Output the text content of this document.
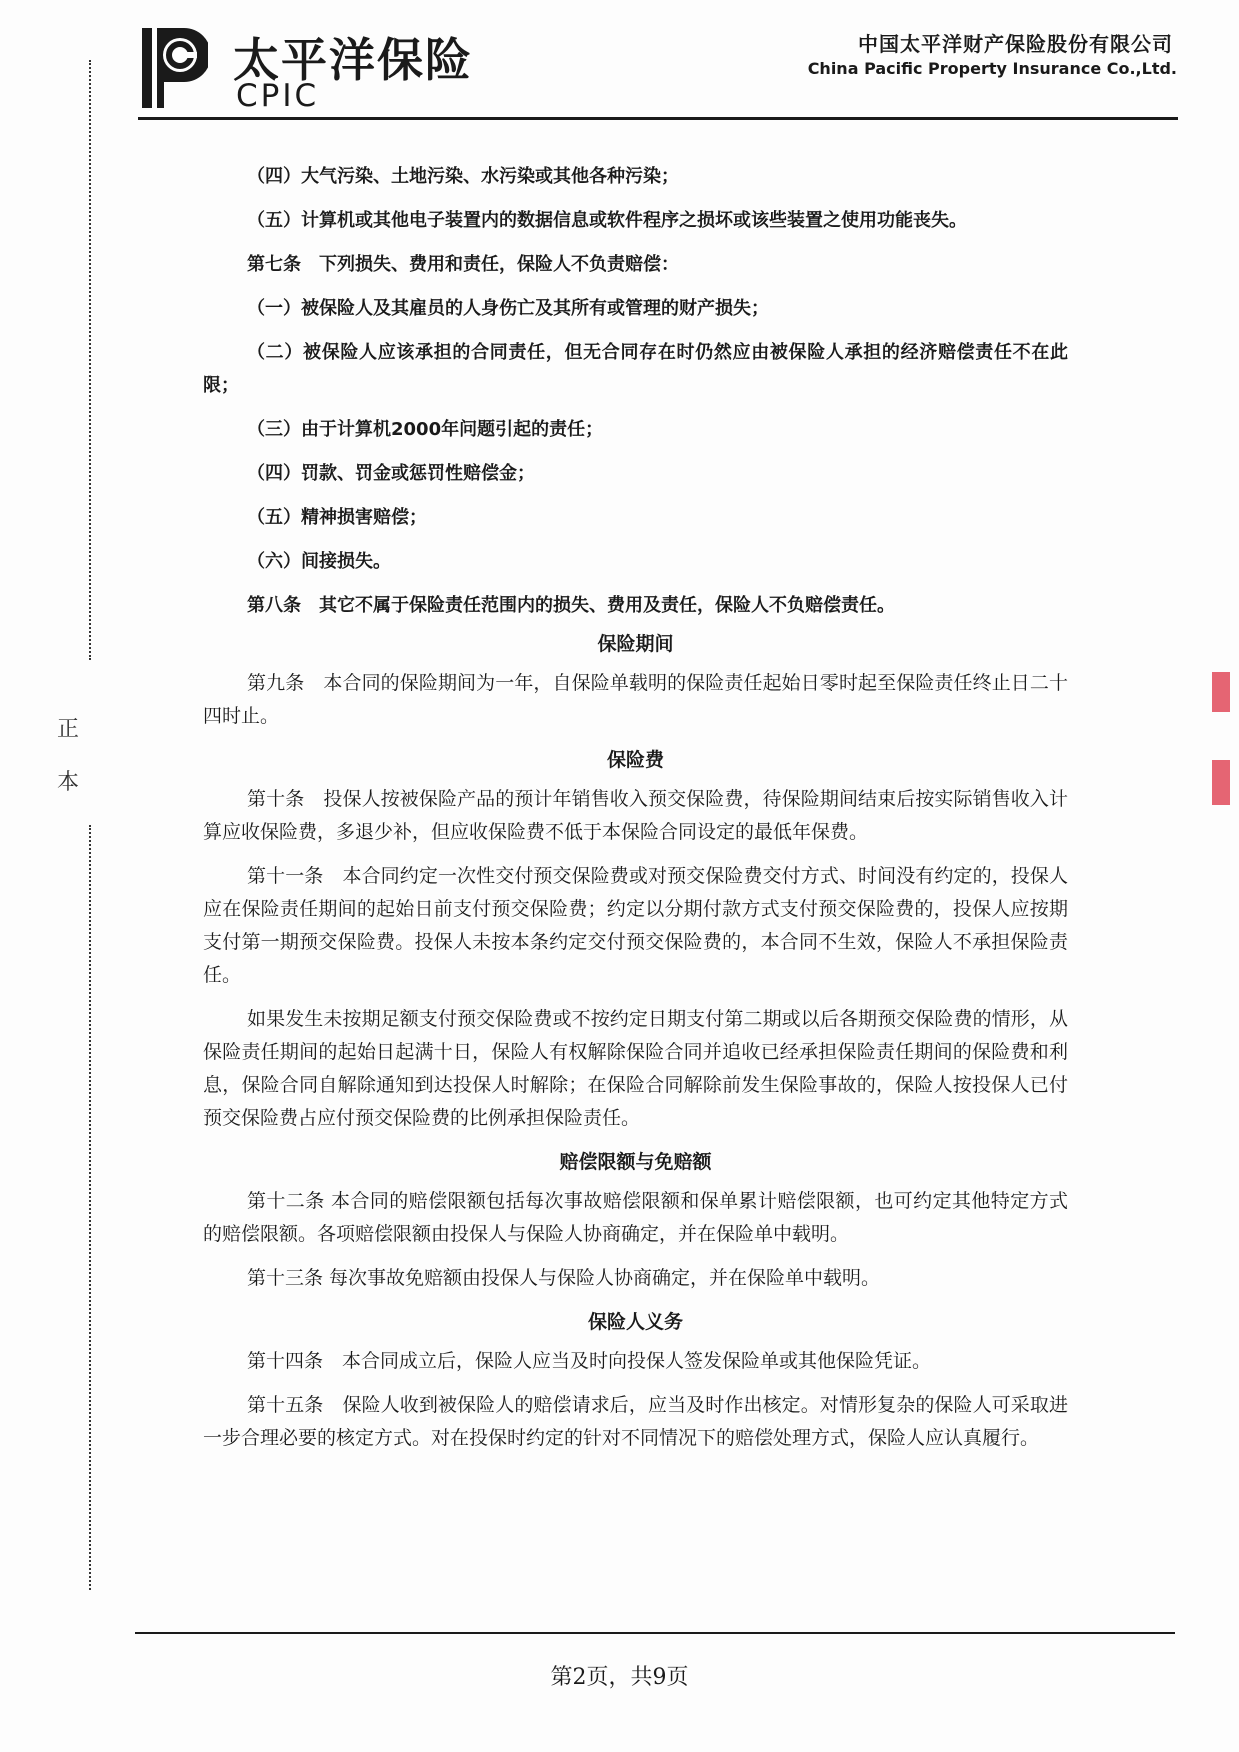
太平洋保险
CPIC
中国太平洋财产保险股份有限公司
China Pacific Property Insurance Co.,Ltd.
正
本

（四）大气污染、土地污染、水污染或其他各种污染；

（五）计算机或其他电子装置内的数据信息或软件程序之损坏或该些装置之使用功能丧失。

第七条　下列损失、费用和责任，保险人不负责赔偿：

（一）被保险人及其雇员的人身伤亡及其所有或管理的财产损失；

（二）被保险人应该承担的合同责任，但无合同存在时仍然应由被保险人承担的经济赔偿责任不在此限；

（三）由于计算机2000年问题引起的责任；

（四）罚款、罚金或惩罚性赔偿金；

（五）精神损害赔偿；

（六）间接损失。

第八条　其它不属于保险责任范围内的损失、费用及责任，保险人不负赔偿责任。

保险期间

第九条　本合同的保险期间为一年，自保险单载明的保险责任起始日零时起至保险责任终止日二十四时止。

保险费

第十条　投保人按被保险产品的预计年销售收入预交保险费，待保险期间结束后按实际销售收入计算应收保险费，多退少补，但应收保险费不低于本保险合同设定的最低年保费。

第十一条　本合同约定一次性交付预交保险费或对预交保险费交付方式、时间没有约定的，投保人应在保险责任期间的起始日前支付预交保险费；约定以分期付款方式支付预交保险费的，投保人应按期支付第一期预交保险费。投保人未按本条约定交付预交保险费的，本合同不生效，保险人不承担保险责任。

如果发生未按期足额支付预交保险费或不按约定日期支付第二期或以后各期预交保险费的情形，从保险责任期间的起始日起满十日，保险人有权解除保险合同并追收已经承担保险责任期间的保险费和利息，保险合同自解除通知到达投保人时解除；在保险合同解除前发生保险事故的，保险人按投保人已付预交保险费占应付预交保险费的比例承担保险责任。

赔偿限额与免赔额

第十二条 本合同的赔偿限额包括每次事故赔偿限额和保单累计赔偿限额，也可约定其他特定方式的赔偿限额。各项赔偿限额由投保人与保险人协商确定，并在保险单中载明。

第十三条 每次事故免赔额由投保人与保险人协商确定，并在保险单中载明。

保险人义务

第十四条　本合同成立后，保险人应当及时向投保人签发保险单或其他保险凭证。

第十五条　保险人收到被保险人的赔偿请求后，应当及时作出核定。对情形复杂的保险人可采取进一步合理必要的核定方式。对在投保时约定的针对不同情况下的赔偿处理方式，保险人应认真履行。

第2页，共9页
